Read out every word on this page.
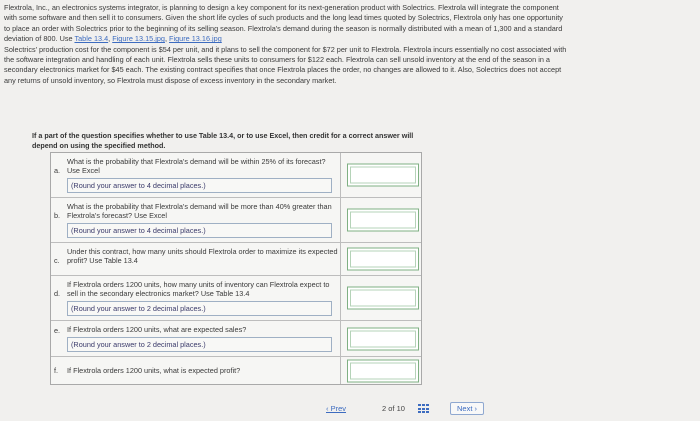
Flextrola, Inc., an electronics systems integrator, is planning to design a key component for its next-generation product with Solectrics. Flextrola will integrate the component with some software and then sell it to consumers. Given the short life cycles of such products and the long lead times quoted by Solectrics, Flextrola only has one opportunity to place an order with Solectrics prior to the beginning of its selling season. Flextrola's demand during the season is normally distributed with a mean of 1,300 and a standard deviation of 800. Use Table 13.4, Figure 13.15.jpg, Figure 13.16.jpg
Solectrics' production cost for the component is $54 per unit, and it plans to sell the component for $72 per unit to Flextrola. Flextrola incurs essentially no cost associated with the software integration and handling of each unit. Flextrola sells these units to consumers for $122 each. Flextrola can sell unsold inventory at the end of the season in a secondary electronics market for $45 each. The existing contract specifies that once Flextrola places the order, no changes are allowed to it. Also, Solectrics does not accept any returns of unsold inventory, so Flextrola must dispose of excess inventory in the secondary market.

If a part of the question specifies whether to use Table 13.4, or to use Excel, then credit for a correct answer will depend on using the specified method.
a.
What is the probability that Flextrola's demand will be within 25% of its forecast? Use Excel
(Round your answer to 4 decimal places.)
b.
What is the probability that Flextrola's demand will be more than 40% greater than Flextrola's forecast? Use Excel
(Round your answer to 4 decimal places.)
c.
Under this contract, how many units should Flextrola order to maximize its expected profit? Use Table 13.4
d.
If Flextrola orders 1200 units, how many units of inventory can Flextrola expect to sell in the secondary electronics market? Use Table 13.4
(Round your answer to 2 decimal places.)
e. If Flextrola orders 1200 units, what are expected sales?
(Round your answer to 2 decimal places.)
f. If Flextrola orders 1200 units, what is expected profit?
‹ Prev	2 of 10	Next ›
